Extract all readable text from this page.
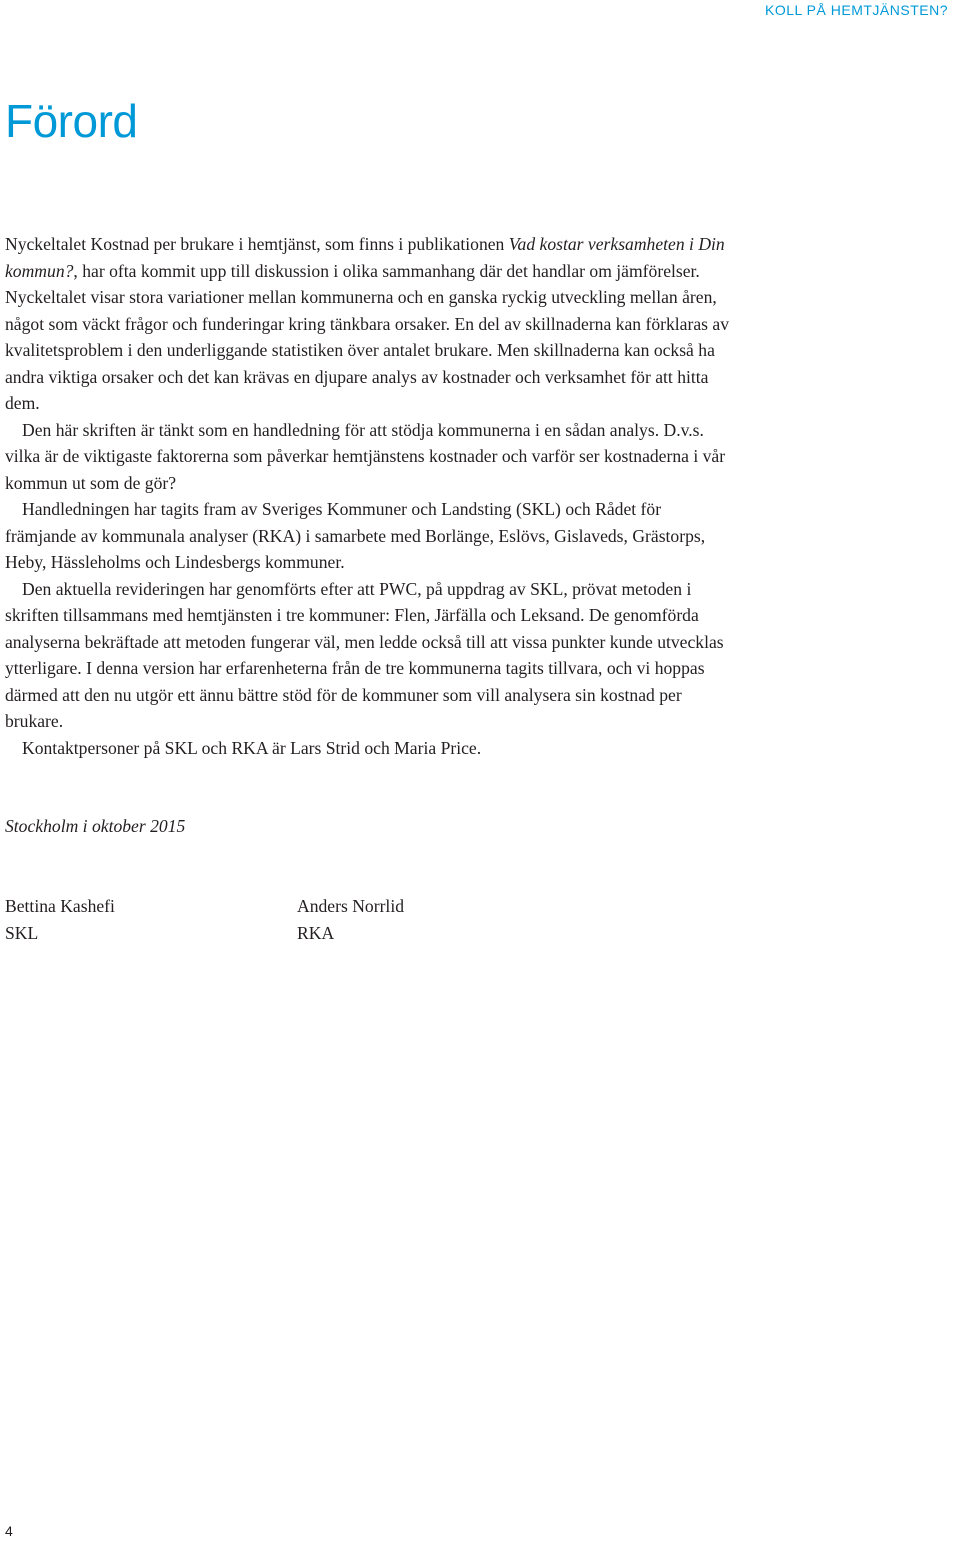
KOLL PÅ HEMTJÄNSTEN?
Förord

Nyckeltalet Kostnad per brukare i hemtjänst, som finns i publikationen Vad kostar verksamheten i Din kommun?, har ofta kommit upp till diskussion i olika sammanhang där det handlar om jämförelser. Nyckeltalet visar stora variationer mellan kommunerna och en ganska ryckig utveckling mellan åren, något som väckt frågor och funderingar kring tänkbara orsaker. En del av skillnaderna kan förklaras av kvalitetsproblem i den underliggande statistiken över antalet brukare. Men skillnaderna kan också ha andra viktiga orsaker och det kan krävas en djupare analys av kostnader och verksamhet för att hitta dem.

Den här skriften är tänkt som en handledning för att stödja kommunerna i en sådan analys. D.v.s. vilka är de viktigaste faktorerna som påverkar hemtjänstens kostnader och varför ser kostnaderna i vår kommun ut som de gör?

Handledningen har tagits fram av Sveriges Kommuner och Landsting (SKL) och Rådet för främjande av kommunala analyser (RKA) i samarbete med Borlänge, Eslövs, Gislaveds, Grästorps, Heby, Hässleholms och Lindesbergs kommuner.

Den aktuella revideringen har genomförts efter att PWC, på uppdrag av SKL, prövat metoden i skriften tillsammans med hemtjänsten i tre kommuner: Flen, Järfälla och Leksand. De genomförda analyserna bekräftade att metoden fungerar väl, men ledde också till att vissa punkter kunde utvecklas ytterligare. I denna version har erfarenheterna från de tre kommunerna tagits tillvara, och vi hoppas därmed att den nu utgör ett ännu bättre stöd för de kommuner som vill analysera sin kostnad per brukare.

Kontaktpersoner på SKL och RKA är Lars Strid och Maria Price.

Stockholm i oktober 2015
Bettina Kashefi
SKL
Anders Norrlid
RKA
4
